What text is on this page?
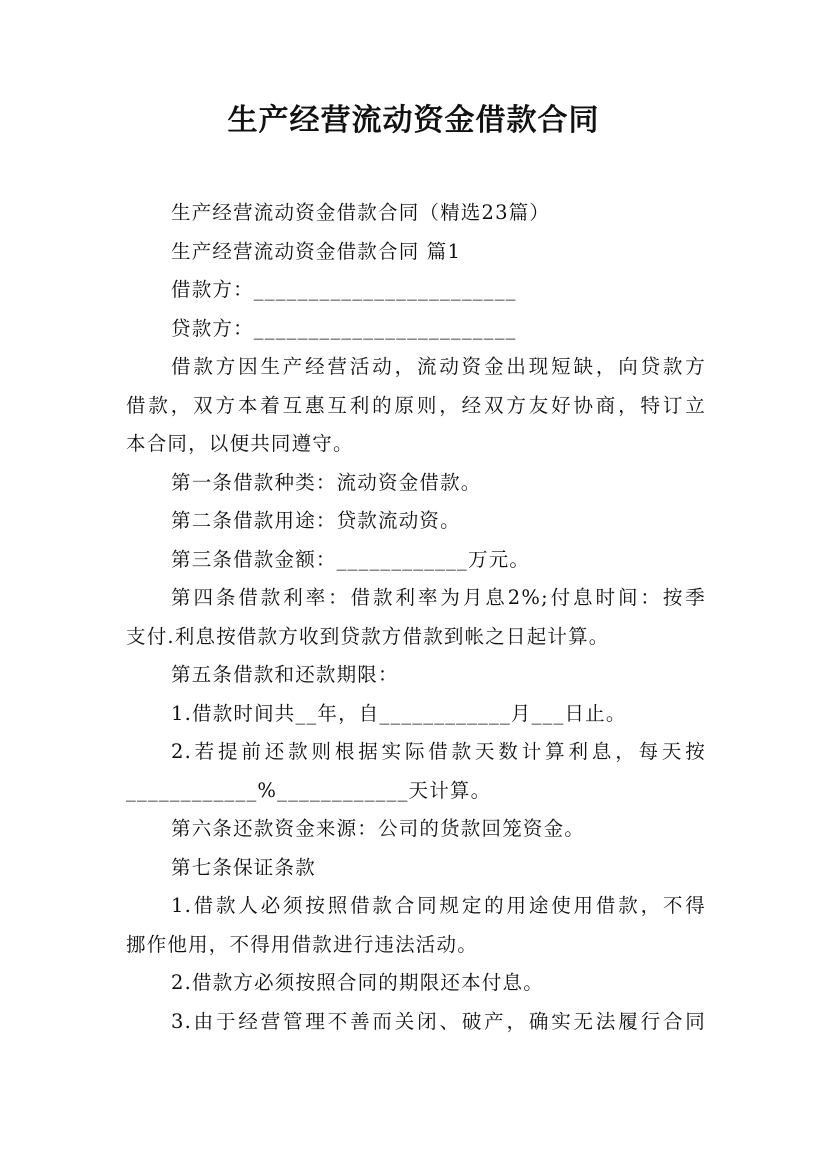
生产经营流动资金借款合同
生产经营流动资金借款合同（精选23篇）
生产经营流动资金借款合同 篇1
借款方：________________________
贷款方：________________________
借款方因生产经营活动，流动资金出现短缺，向贷款方
借款，双方本着互惠互利的原则，经双方友好协商，特订立
本合同，以便共同遵守。
第一条借款种类：流动资金借款。
第二条借款用途：贷款流动资。
第三条借款金额：____________万元。
第四条借款利率：借款利率为月息2%;付息时间：按季
支付.利息按借款方收到贷款方借款到帐之日起计算。
第五条借款和还款期限：
1.借款时间共__年，自____________月___日止。
2.若提前还款则根据实际借款天数计算利息，每天按
____________%____________天计算。
第六条还款资金来源：公司的货款回笼资金。
第七条保证条款
1.借款人必须按照借款合同规定的用途使用借款，不得
挪作他用，不得用借款进行违法活动。
2.借款方必须按照合同的期限还本付息。
3.由于经营管理不善而关闭、破产，确实无法履行合同
